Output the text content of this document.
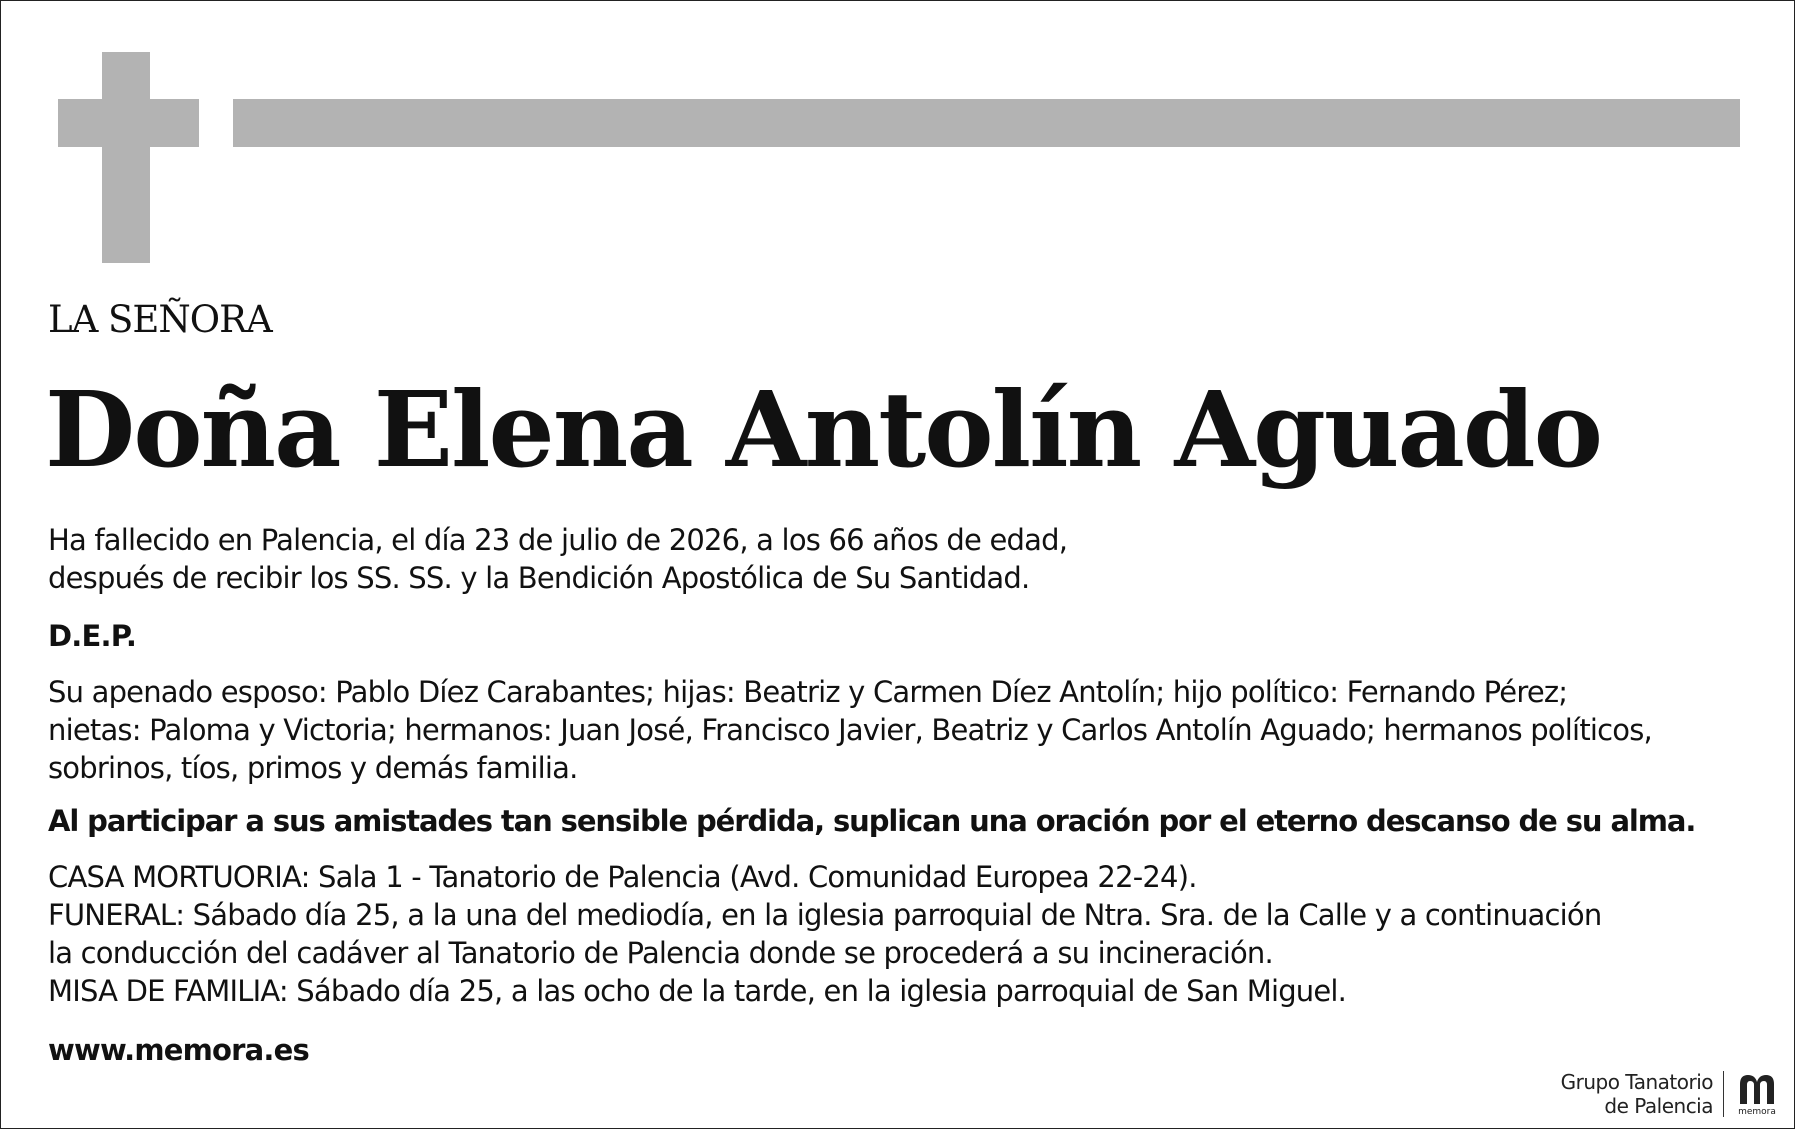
LA SEÑORA
Doña Elena Antolín Aguado
Ha fallecido en Palencia, el día 23 de julio de 2026, a los 66 años de edad,
después de recibir los SS. SS. y la Bendición Apostólica de Su Santidad.
D.E.P.
Su apenado esposo: Pablo Díez Carabantes; hijas: Beatriz y Carmen Díez Antolín; hijo político: Fernando Pérez;
nietas: Paloma y Victoria; hermanos: Juan José, Francisco Javier, Beatriz y Carlos Antolín Aguado; hermanos políticos,
sobrinos, tíos, primos y demás familia.
Al participar a sus amistades tan sensible pérdida, suplican una oración por el eterno descanso de su alma.
CASA MORTUORIA: Sala 1 - Tanatorio de Palencia (Avd. Comunidad Europea 22-24).
FUNERAL: Sábado día 25, a la una del mediodía, en la iglesia parroquial de Ntra. Sra. de la Calle y a continuación
la conducción del cadáver al Tanatorio de Palencia donde se procederá a su incineración.
MISA DE FAMILIA: Sábado día 25, a las ocho de la tarde, en la iglesia parroquial de San Miguel.
www.memora.es
Grupo Tanatorio
de Palencia	memora
